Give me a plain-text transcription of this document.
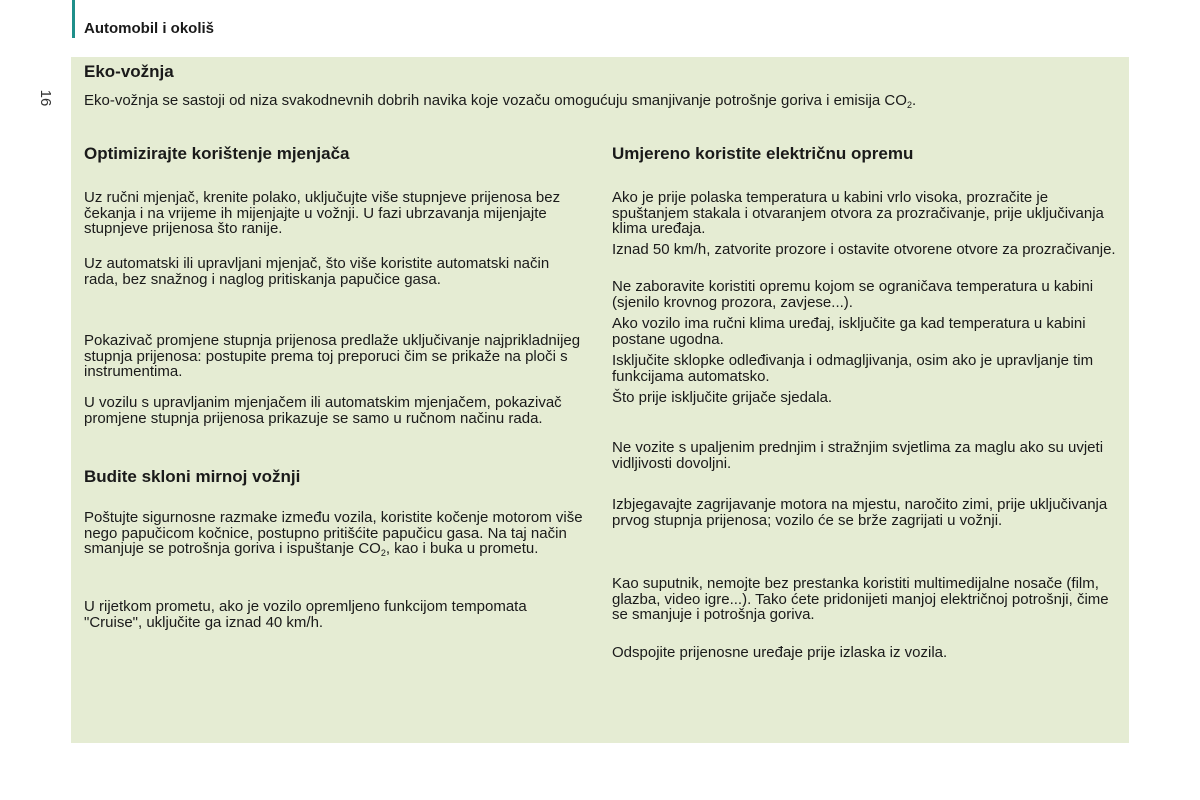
Automobil i okoliš
16
Eko-vožnja
Eko-vožnja se sastoji od niza svakodnevnih dobrih navika koje vozaču omogućuju smanjivanje potrošnje goriva i emisija $CO_2$.
Optimizirajte korištenje mjenjača
Uz ručni mjenjač, krenite polako, uključujte više stupnjeve prijenosa bez čekanja i na vrijeme ih mijenjajte u vožnji. U fazi ubrzavanja mijenjajte stupnjeve prijenosa što ranije.
Uz automatski ili upravljani mjenjač, što više koristite automatski način rada, bez snažnog i naglog pritiskanja papučice gasa.
Pokazivač promjene stupnja prijenosa predlaže uključivanje najprikladnijeg stupnja prijenosa: postupite prema toj preporuci čim se prikaže na ploči s instrumentima.
U vozilu s upravljanim mjenjačem ili automatskim mjenjačem, pokazivač promjene stupnja prijenosa prikazuje se samo u ručnom načinu rada.
Budite skloni mirnoj vožnji
Poštujte sigurnosne razmake između vozila, koristite kočenje motorom više nego papučicom kočnice, postupno pritišćite papučicu gasa. Na taj način smanjuje se potrošnja goriva i ispuštanje $CO_2$, kao i buka u prometu.
U rijetkom prometu, ako je vozilo opremljeno funkcijom tempomata "Cruise", uključite ga iznad 40 km/h.
Umjereno koristite električnu opremu
Ako je prije polaska temperatura u kabini vrlo visoka, prozračite je spuštanjem stakala i otvaranjem otvora za prozračivanje, prije uključivanja klima uređaja.
Iznad 50 km/h, zatvorite prozore i ostavite otvorene otvore za prozračivanje.
Ne zaboravite koristiti opremu kojom se ograničava temperatura u kabini (sjenilo krovnog prozora, zavjese...).
Ako vozilo ima ručni klima uređaj, isključite ga kad temperatura u kabini postane ugodna.
Isključite sklopke odleđivanja i odmagljivanja, osim ako je upravljanje tim funkcijama automatsko.
Što prije isključite grijače sjedala.
Ne vozite s upaljenim prednjim i stražnjim svjetlima za maglu ako su uvjeti vidljivosti dovoljni.
Izbjegavajte zagrijavanje motora na mjestu, naročito zimi, prije uključivanja prvog stupnja prijenosa; vozilo će se brže zagrijati u vožnji.
Kao suputnik, nemojte bez prestanka koristiti multimedijalne nosače (film, glazba, video igre...). Tako ćete pridonijeti manjoj električnoj potrošnji, čime se smanjuje i potrošnja goriva.
Odspojite prijenosne uređaje prije izlaska iz vozila.
